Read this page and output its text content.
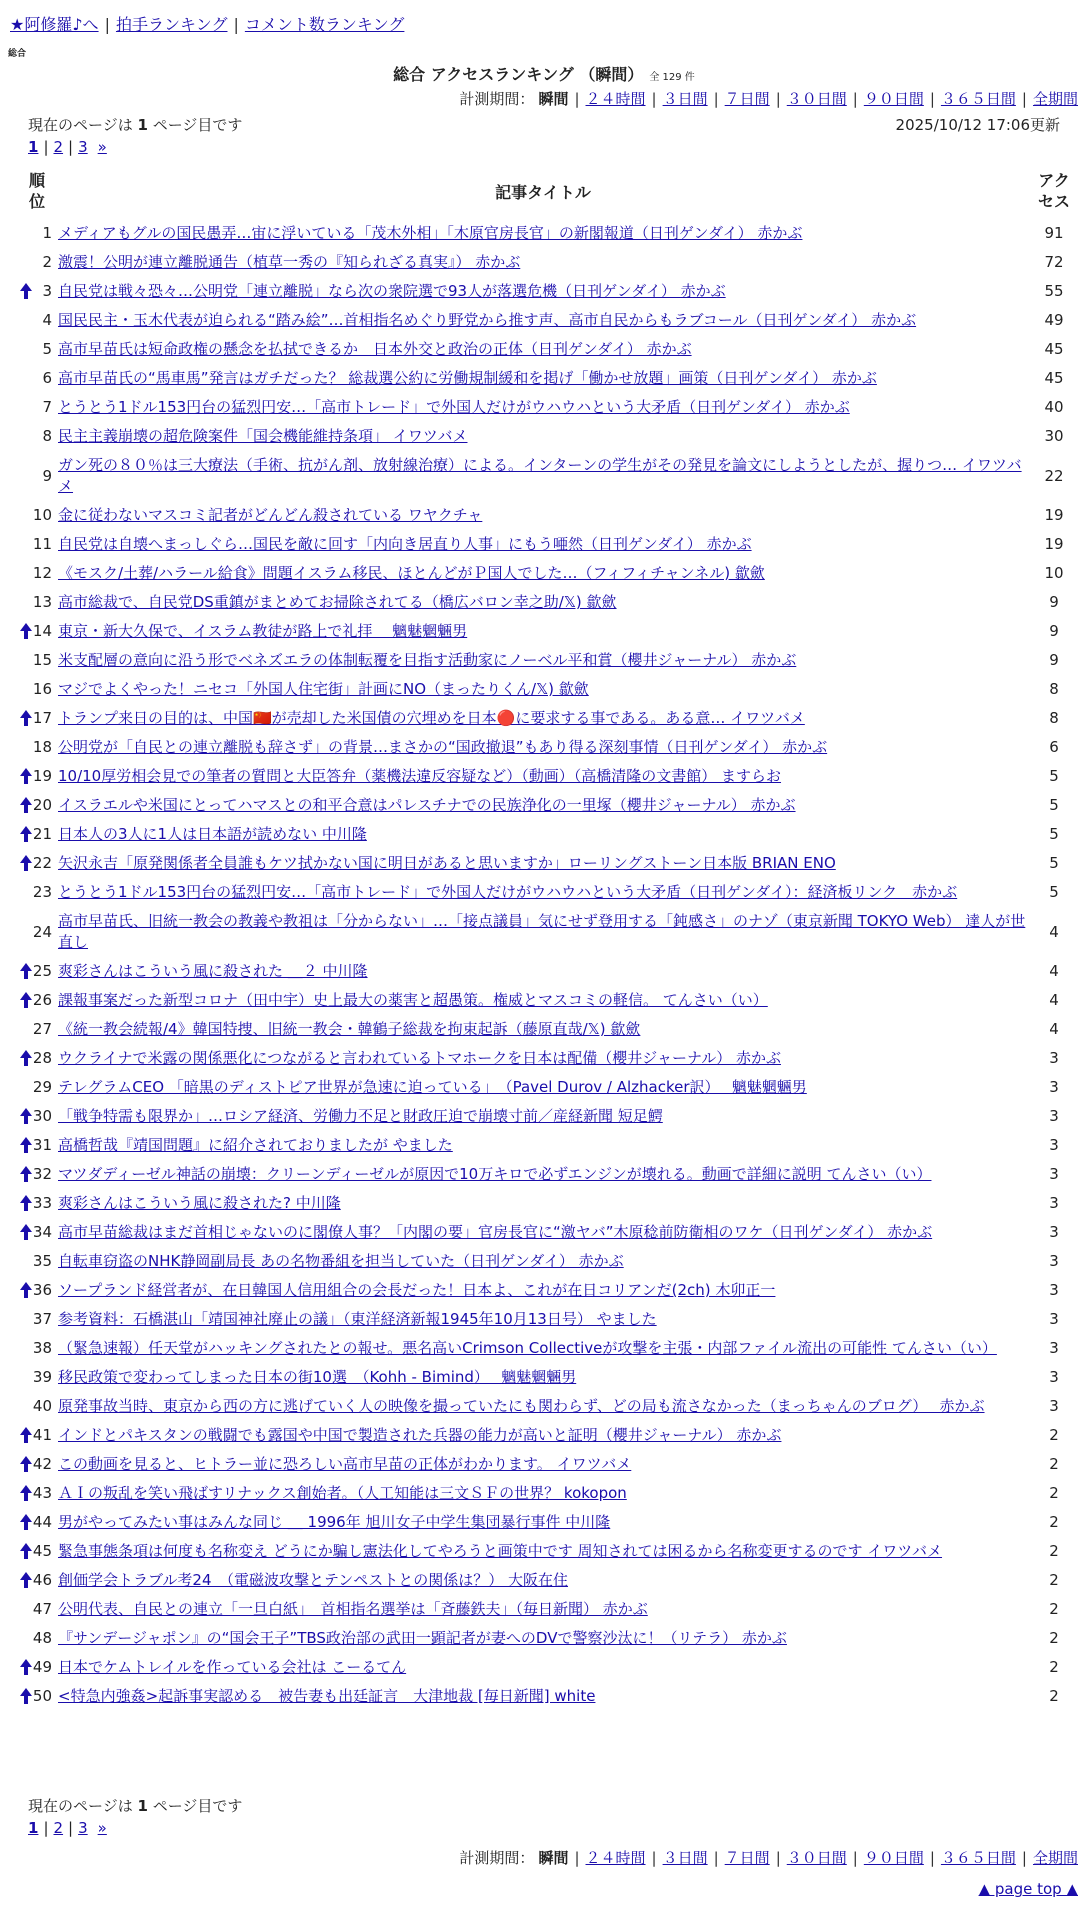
★阿修羅♪へ | 拍手ランキング | コメント数ランキング
総合
総合 アクセスランキング （瞬間） 全 129 件
計測期間： 瞬間 | ２４時間 | ３日間 | ７日間 | ３０日間 | ９０日間 | ３６５日間 | 全期間
現在のページは 1 ページ目です	2025/10/12 17:06更新
1 | 2 | 3 »
順位	記事タイトル	アクセス
1	メディアもグルの国民愚弄…宙に浮いている「茂木外相」「木原官房長官」の新閣報道（日刊ゲンダイ） 赤かぶ	91
2	激震！公明が連立離脱通告（植草一秀の『知られざる真実』） 赤かぶ	72

3	自民党は戦々恐々…公明党「連立離脱」なら次の衆院選で93人が落選危機（日刊ゲンダイ） 赤かぶ	55
4	国民民主・玉木代表が迫られる“踏み絵”…首相指名めぐり野党から推す声、高市自民からもラブコール（日刊ゲンダイ） 赤かぶ	49
5	高市早苗氏は短命政権の懸念を払拭できるか　日本外交と政治の正体（日刊ゲンダイ） 赤かぶ	45
6	高市早苗氏の“馬車馬”発言はガチだった？ 総裁選公約に労働規制緩和を掲げ「働かせ放題」画策（日刊ゲンダイ） 赤かぶ	45
7	とうとう1ドル153円台の猛烈円安…「高市トレード」で外国人だけがウハウハという大矛盾（日刊ゲンダイ） 赤かぶ	40
8	民主主義崩壊の超危険案件「国会機能維持条項」 イワツバメ	30
9	ガン死の８０％は三大療法（手術、抗がん剤、放射線治療）による。インターンの学生がその発見を論文にしようとしたが、握りつ… イワツバメ	22
10	金に従わないマスコミ記者がどんどん殺されている ワヤクチャ	19
11	自民党は自壊へまっしぐら…国民を敵に回す「内向き居直り人事」にもう唖然（日刊ゲンダイ） 赤かぶ	19
12	《モスク/土葬/ハラール給食》問題イスラム移民、ほとんどがＰ国人でした…（フィフィチャンネル) 歙歛	10
13	高市総裁で、自民党DS重鎮がまとめてお掃除されてる（橋広バロン幸之助/𝕏) 歙歛	9

14	東京・新大久保で、イスラム教徒が路上で礼拝　 魑魅魍魎男	9
15	米支配層の意向に沿う形でベネズエラの体制転覆を目指す活動家にノーベル平和賞（櫻井ジャーナル） 赤かぶ	9
16	マジでよくやった！ニセコ「外国人住宅街」計画にNO（まったりくん/𝕏) 歙歛	8

17	トランプ来日の目的は、中国🇨🇳が売却した米国債の穴埋めを日本🔴に要求する事である。ある意… イワツバメ	8
18	公明党が「自民との連立離脱も辞さず」の背景…まさかの“国政撤退”もあり得る深刻事情（日刊ゲンダイ） 赤かぶ	6

19	10/10厚労相会見での筆者の質問と大臣答弁（薬機法違反容疑など）（動画）（高橋清隆の文書館） ますらお	5

20	イスラエルや米国にとってハマスとの和平合意はパレスチナでの民族浄化の一里塚（櫻井ジャーナル） 赤かぶ	5

21	日本人の3人に1人は日本語が読めない 中川隆	5

22	矢沢永吉「原発関係者全員誰もケツ拭かない国に明日があると思いますか」ローリングストーン日本版 BRIAN ENO	5
23	とうとう1ドル153円台の猛烈円安…「高市トレード」で外国人だけがウハウハという大矛盾（日刊ゲンダイ）：経済板リンク　赤かぶ	5
24	高市早苗氏、旧統一教会の教義や教祖は「分からない」…「接点議員」気にせず登用する「鈍感さ」のナゾ（東京新聞 TOKYO Web） 達人が世直し	4

25	爽彩さんはこういう風に殺された ＿２ 中川隆	4

26	課報事案だった新型コロナ（田中宇）史上最大の薬害と超愚策。権威とマスコミの軽信。 てんさい（い）	4
27	《統一教会続報/4》韓国特捜、旧統一教会・韓鶴子総裁を拘束起訴（藤原直哉/𝕏) 歙歛	4

28	ウクライナで米露の関係悪化につながると言われているトマホークを日本は配備（櫻井ジャーナル） 赤かぶ	3
29	テレグラムCEO 「暗黒のディストピア世界が急速に迫っている」　（Pavel Durov / Alzhacker訳）　 魑魅魍魎男	3

30	「戦争特需も限界か」…ロシア経済、労働力不足と財政圧迫で崩壊寸前／産経新聞 短足鰐	3

31	高橋哲哉『靖国問題』に紹介されておりましたが やました	3

32	マツダディーゼル神話の崩壊：クリーンディーゼルが原因で10万キロで必ずエンジンが壊れる。動画で詳細に説明 てんさい（い）	3

33	爽彩さんはこういう風に殺された? 中川隆	3

34	高市早苗総裁はまだ首相じゃないのに閣僚人事？「内閣の要」官房長官に“激ヤバ”木原稔前防衛相のワケ（日刊ゲンダイ） 赤かぶ	3
35	自転車窃盗のNHK静岡副局長 あの名物番組を担当していた（日刊ゲンダイ） 赤かぶ	3

36	ソープランド経営者が、在日韓国人信用組合の会長だった！日本よ、これが在日コリアンだ(2ch) 木卯正一	3
37	参考資料：石橋湛山「靖国神社廃止の議」（東洋経済新報1945年10月13日号） やました	3
38	（緊急速報）任天堂がハッキングされたとの報せ。悪名高いCrimson Collectiveが攻撃を主張・内部ファイル流出の可能性 てんさい（い）	3
39	移民政策で変わってしまった日本の街10選　（Kohh - Bimind）　 魑魅魍魎男	3
40	原発事故当時、東京から西の方に逃げていく人の映像を撮っていたにも関わらず、どの局も流さなかった（まっちゃんのブログ）　 赤かぶ	3

41	インドとパキスタンの戦闘でも露国や中国で製造された兵器の能力が高いと証明（櫻井ジャーナル） 赤かぶ	2

42	この動画を見ると、ヒトラー並に恐ろしい高市早苗の正体がわかります。 イワツバメ	2

43	ＡＩの叛乱を笑い飛ばすリナックス創始者。（人工知能は三文ＳＦの世界？ kokopon	2

44	男がやってみたい事はみんな同じ ＿ 1996年 旭川女子中学生集団暴行事件 中川隆	2

45	緊急事態条項は何度も名称変え どうにか騙し憲法化してやろうと画策中です 周知されては困るから名称変更するのです イワツバメ	2

46	創価学会トラブル考24　（電磁波攻撃とテンペストとの関係は？） 大阪在住	2
47	公明代表、自民との連立「一旦白紙」　首相指名選挙は「斉藤鉄夫」（毎日新聞） 赤かぶ	2
48	『サンデージャポン』の“国会王子”TBS政治部の武田一顕記者が妻へのDVで警察沙汰に！（リテラ） 赤かぶ	2

49	日本でケムトレイルを作っている会社は こーるてん	2

50	<特急内強姦>起訴事実認める　被告妻も出廷証言　大津地裁 [毎日新聞] white	2
現在のページは 1 ページ目です
1 | 2 | 3 »
計測期間： 瞬間 | ２４時間 | ３日間 | ７日間 | ３０日間 | ９０日間 | ３６５日間 | 全期間
▲ page top ▲
